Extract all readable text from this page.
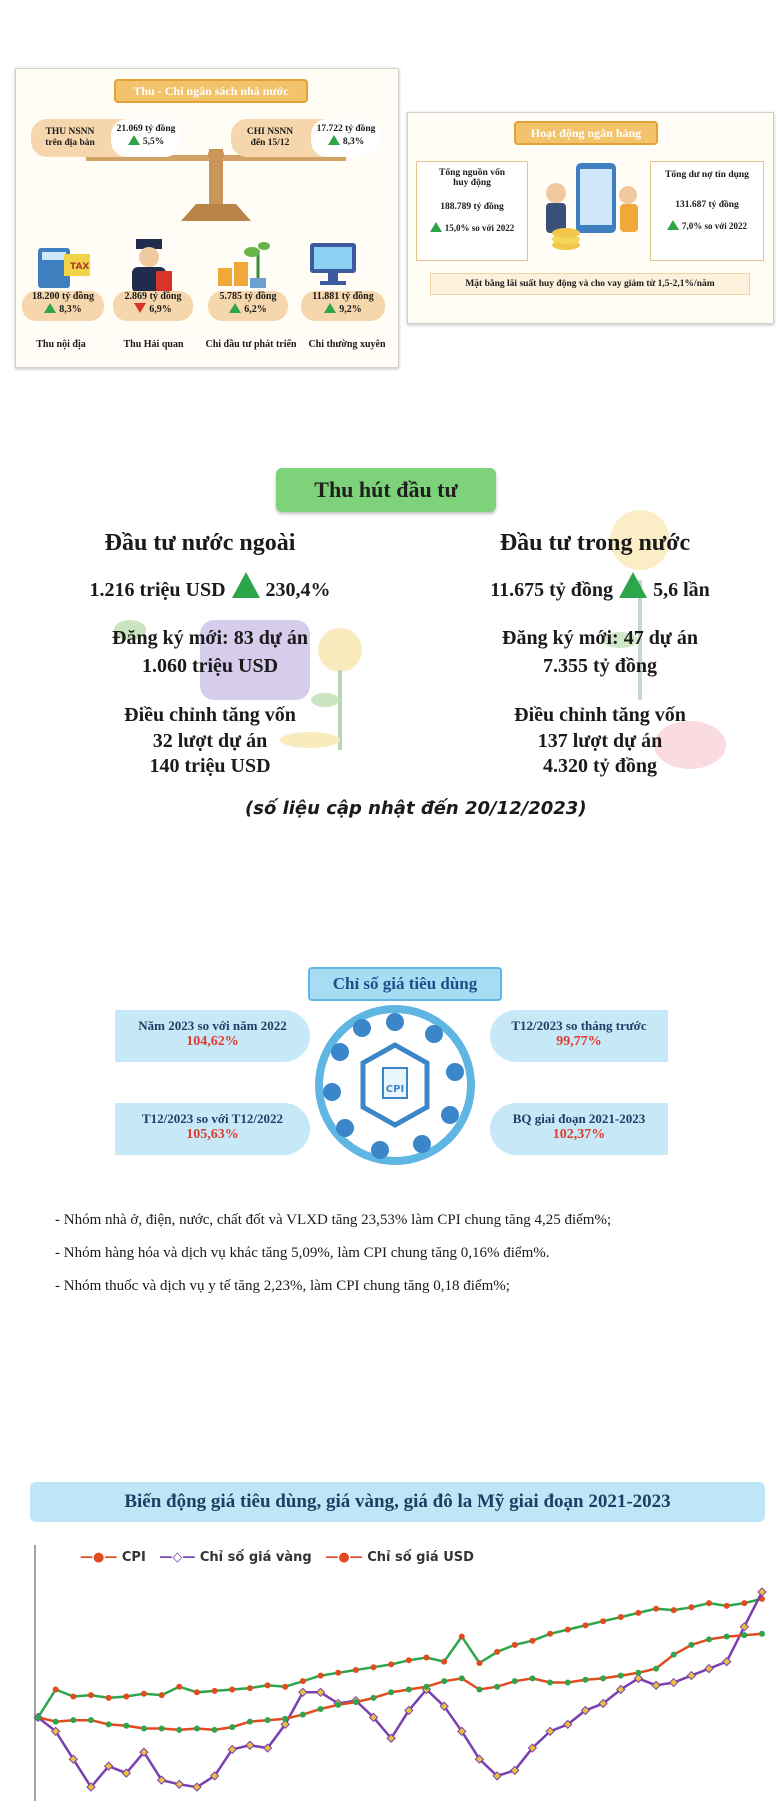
Thu - Chi ngân sách nhà nước
THU NSNN
trên địa bàn
21.069 tỷ đồng
5,5%
CHI NSNN
đến 15/12
17.722 tỷ đồng
8,3%
TAX
18.200 tỷ đồng
8,3%
2.869 tỷ đồng
6,9%
5.785 tỷ đồng
6,2%
11.881 tỷ đồng
9,2%
Thu nội địa	Thu Hải quan	Chi đầu tư phát triển	Chi thường xuyên
Hoạt động ngân hàng
Tổng nguồn vốn
huy động
188.789 tỷ đồng
15,0% so với 2022
Tổng dư nợ tín dụng
131.687 tỷ đồng
7,0% so với 2022
Mặt bằng lãi suất huy động và cho vay giảm từ 1,5-2,1%/năm
Thu hút đầu tư
Đầu tư nước ngoài
1.216 triệu USD 230,4%
Đăng ký mới: 83 dự án
1.060 triệu USD
Điều chỉnh tăng vốn
32 lượt dự án
140 triệu USD
Đầu tư trong nước
11.675 tỷ đồng 5,6 lần
Đăng ký mới: 47 dự án
7.355 tỷ đồng
Điều chỉnh tăng vốn
137 lượt dự án
4.320 tỷ đồng
(số liệu cập nhật đến 20/12/2023)
Chỉ số giá tiêu dùng
Năm 2023 so với năm 2022
104,62%
T12/2023 so tháng trước
99,77%
T12/2023 so với T12/2022
105,63%
BQ giai đoạn 2021-2023
102,37%
CPI
- Nhóm nhà ở, điện, nước, chất đốt và VLXD tăng 23,53% làm CPI chung tăng 4,25 điểm%;
- Nhóm hàng hóa và dịch vụ khác tăng 5,09%, làm CPI chung tăng 0,16% điểm%.
- Nhóm thuốc và dịch vụ y tế tăng 2,23%, làm CPI chung tăng 0,18 điểm%;
Biến động giá tiêu dùng, giá vàng, giá đô la Mỹ giai đoạn 2021-2023
—●— CPI —◇— Chỉ số giá vàng —●— Chỉ số giá USD
